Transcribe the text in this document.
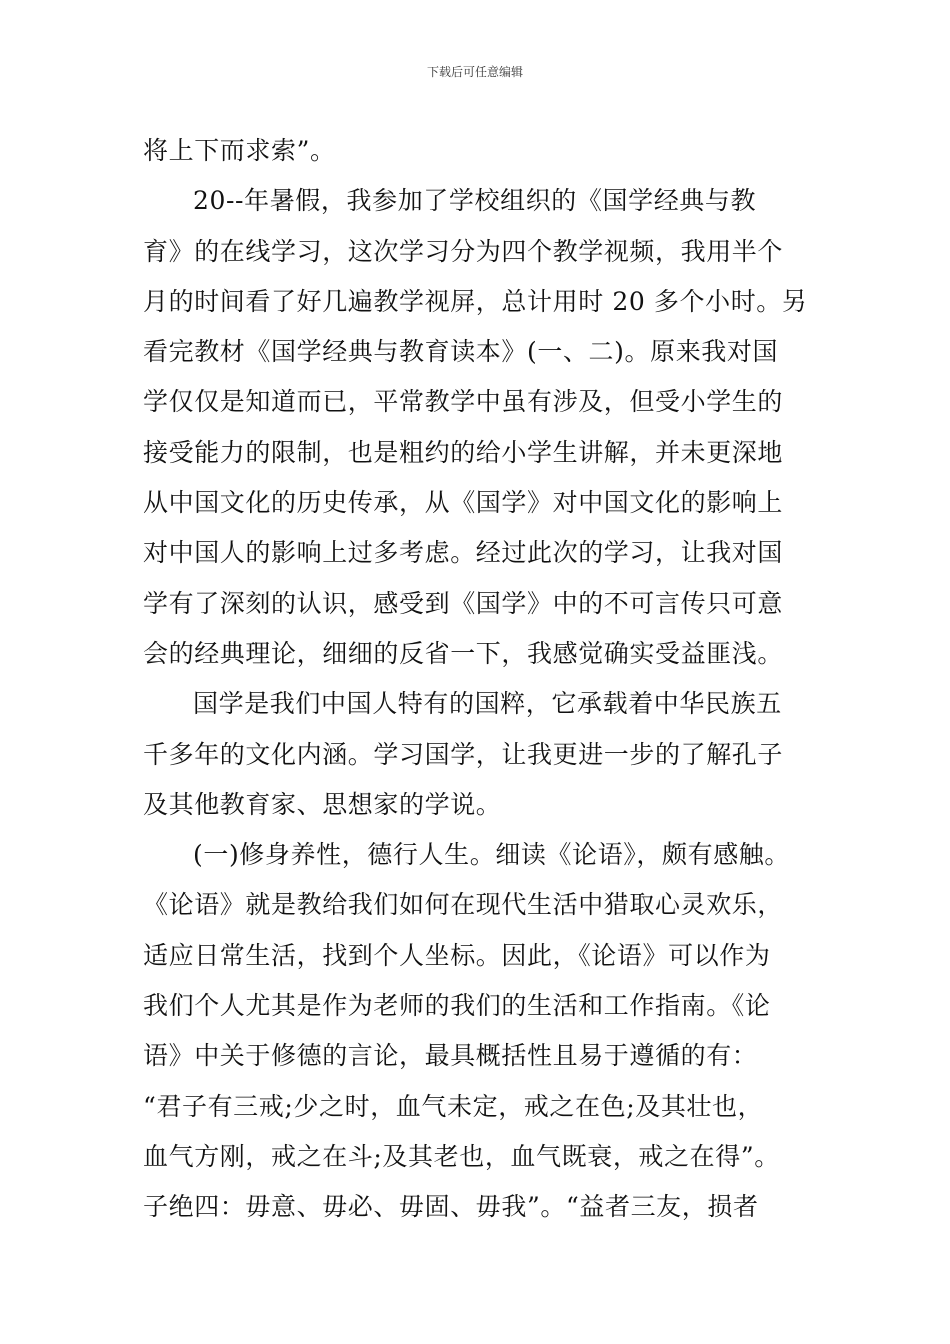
下载后可任意编辑
将上下而求索”。
20--年暑假，我参加了学校组织的《国学经典与教
育》的在线学习，这次学习分为四个教学视频，我用半个
月的时间看了好几遍教学视屏，总计用时 20 多个小时。另
看完教材《国学经典与教育读本》(一、二)。原来我对国
学仅仅是知道而已，平常教学中虽有涉及，但受小学生的
接受能力的限制，也是粗约的给小学生讲解，并未更深地
从中国文化的历史传承，从《国学》对中国文化的影响上
对中国人的影响上过多考虑。经过此次的学习，让我对国
学有了深刻的认识，感受到《国学》中的不可言传只可意
会的经典理论，细细的反省一下，我感觉确实受益匪浅。
国学是我们中国人特有的国粹，它承载着中华民族五
千多年的文化内涵。学习国学，让我更进一步的了解孔子
及其他教育家、思想家的学说。
(一)修身养性，德行人生。细读《论语》，颇有感触。
《论语》就是教给我们如何在现代生活中猎取心灵欢乐，
适应日常生活，找到个人坐标。因此，《论语》可以作为
我们个人尤其是作为老师的我们的生活和工作指南。《论
语》中关于修德的言论，最具概括性且易于遵循的有：
“君子有三戒;少之时，血气未定，戒之在色;及其壮也，
血气方刚，戒之在斗;及其老也，血气既衰，戒之在得”。
子绝四：毋意、毋必、毋固、毋我”。“益者三友，损者
